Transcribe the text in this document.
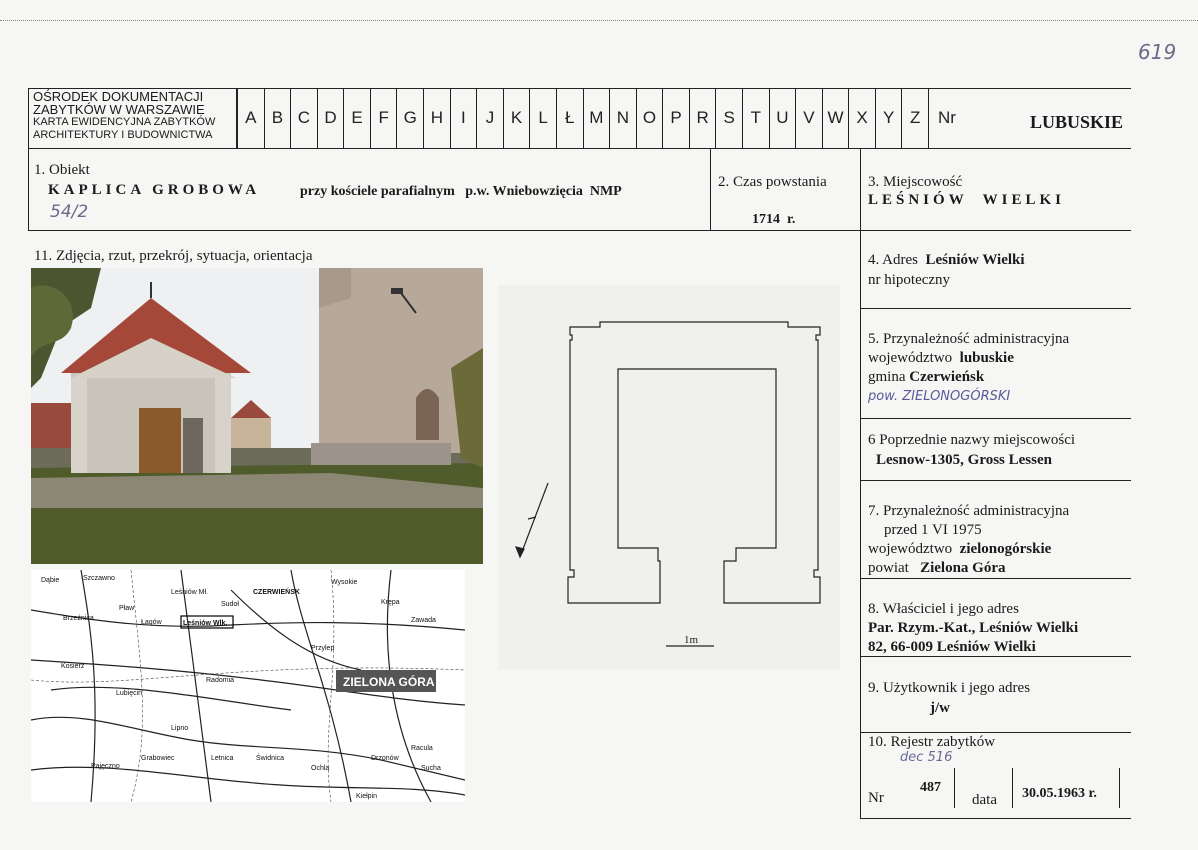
619
OŚRODEK DOKUMENTACJI
ZABYTKÓW W WARSZAWIE
KARTA EWIDENCYJNA ZABYTKÓW
ARCHITEKTURY I BUDOWNICTWA
A B C D E F G H	I	J K L	Ł M N O P R S T U V W X Y Z	Nr	LUBUSKIE
1. Obiekt
KAPLICA GROBOWA	przy kościele parafialnym   p.w. Wniebowzięcia  NMP
54/2
2. Czas powstania
1714  r.
3. Miejscowość
LEŚNIÓW  WIELKI
11. Zdjęcia, rzut, przekrój, sytuacja, orientacja
ZIELONA GÓRA
Dąbie	Szczawno
Leśniów Mł.	CZERWIEŃSK
Wysokie
Pław
Sudoł
Łagów	Leśniów Wlk.
Brzeźnica
Przylep
Krępa
Zawada
Kosierz
Lubięcin
Radomia
Lipno
Świdnica
Ochla
Racula
Drzonów
Sucha
Pajęczno
Grabowiec	Letnica
Kiełpin
1m
4. Adres Leśniów Wielki
nr hipoteczny
5. Przynależność administracyjna
województwo lubuskie
gmina Czerwieńsk
pow. ZIELONOGÓRSKI
6 Poprzednie nazwy miejscowości
Lesnow-1305, Gross Lessen
7. Przynależność administracyjna
przed 1 VI 1975
województwo zielonogórskie
powiat Zielona Góra
8. Właściciel i jego adres
Par. Rzym.-Kat., Leśniów Wielki
82, 66-009 Leśniów Wielki
9. Użytkownik i jego adres
j/w
10. Rejestr zabytków
dec 516
Nr
487
data 30.05.1963 r.
